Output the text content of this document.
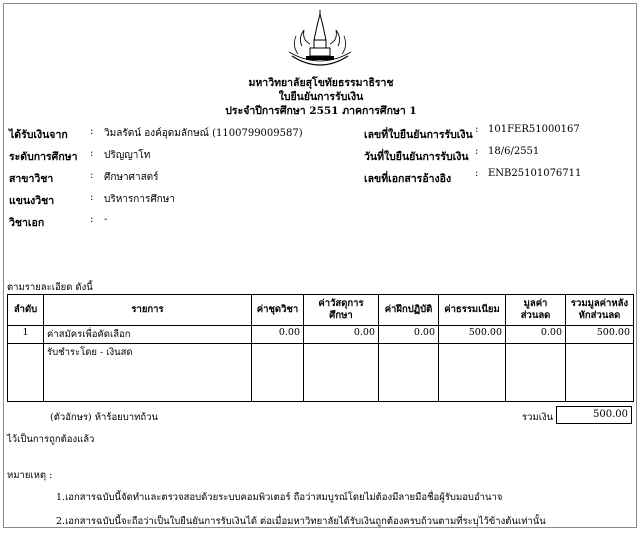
มหาวิทยาลัยสุโขทัยธรรมาธิราช
ใบยืนยันการรับเงิน
ประจำปีการศึกษา 2551 ภาคการศึกษา 1
ได้รับเงินจาก : วิมลรัตน์ องค์อุดมลักษณ์ (1100799009587)
ระดับการศึกษา : ปริญญาโท
สาขาวิชา	: ศึกษาศาสตร์
แขนงวิชา	: บริหารการศึกษา
วิชาเอก	: -
เลขที่ใบยืนยันการรับเงิน : 101FER51000167
วันที่ใบยืนยันการรับเงิน : 18/6/2551
เลขที่เอกสารอ้างอิง : ENB25101076711
ตามรายละเอียด ดังนี้
ลำดับ	รายการ	ค่าชุดวิชา	ค่าวัสดุการศึกษา	ค่าฝึกปฏิบัติ	ค่าธรรมเนียม	มูลค่าส่วนลด	รวมมูลค่าหลังหักส่วนลด
1	ค่าสมัครเพื่อคัดเลือก	0.00	0.00	0.00	500.00	0.00	500.00
	รับชำระโดย - เงินสด						
(ตัวอักษร) ห้าร้อยบาทถ้วน	รวมเงิน	500.00
ไว้เป็นการถูกต้องแล้ว
หมายเหตุ :
1.เอกสารฉบับนี้จัดทำและตรวจสอบด้วยระบบคอมพิวเตอร์ ถือว่าสมบูรณ์โดยไม่ต้องมีลายมือชื่อผู้รับมอบอำนาจ
2.เอกสารฉบับนี้จะถือว่าเป็นใบยืนยันการรับเงินได้ ต่อเมื่อมหาวิทยาลัยได้รับเงินถูกต้องครบถ้วนตามที่ระบุไว้ข้างต้นเท่านั้น
